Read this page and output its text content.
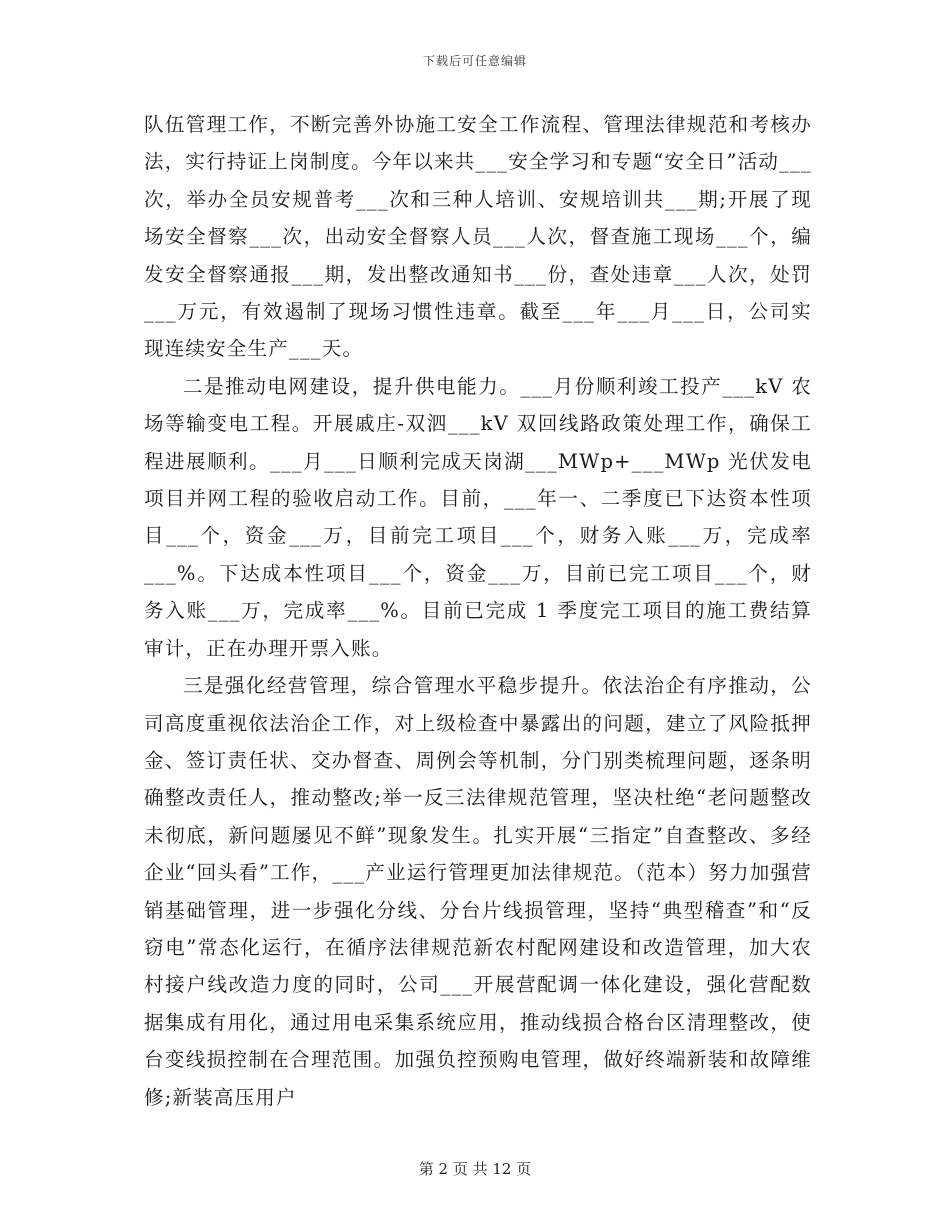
下载后可任意编辑

队伍管理工作，不断完善外协施工安全工作流程、管理法律规范和考核办法，实行持证上岗制度。今年以来共___安全学习和专题“安全日”活动___次，举办全员安规普考___次和三种人培训、安规培训共___期;开展了现场安全督察___次，出动安全督察人员___人次，督查施工现场___个，编发安全督察通报___期，发出整改通知书___份，查处违章___人次，处罚___万元，有效遏制了现场习惯性违章。截至___年___月___日，公司实现连续安全生产___天。

二是推动电网建设，提升供电能力。___月份顺利竣工投产___kV 农场等输变电工程。开展戚庄-双泗___kV 双回线路政策处理工作，确保工程进展顺利。___月___日顺利完成天岗湖___MWp+___MWp 光伏发电项目并网工程的验收启动工作。目前，___年一、二季度已下达资本性项目___个，资金___万，目前完工项目___个，财务入账___万，完成率___%。下达成本性项目___个，资金___万，目前已完工项目___个，财务入账___万，完成率___%。目前已完成 1 季度完工项目的施工费结算审计，正在办理开票入账。

三是强化经营管理，综合管理水平稳步提升。依法治企有序推动，公司高度重视依法治企工作，对上级检查中暴露出的问题，建立了风险抵押金、签订责任状、交办督查、周例会等机制，分门别类梳理问题，逐条明确整改责任人，推动整改;举一反三法律规范管理，坚决杜绝“老问题整改未彻底，新问题屡见不鲜”现象发生。扎实开展“三指定”自查整改、多经企业“回头看”工作，___产业运行管理更加法律规范。（范本）努力加强营销基础管理，进一步强化分线、分台片线损管理，坚持“典型稽查”和“反窃电”常态化运行，在循序法律规范新农村配网建设和改造管理，加大农村接户线改造力度的同时，公司___开展营配调一体化建设，强化营配数据集成有用化，通过用电采集系统应用，推动线损合格台区清理整改，使台变线损控制在合理范围。加强负控预购电管理，做好终端新装和故障维修;新装高压用户

第 2 页 共 12 页
